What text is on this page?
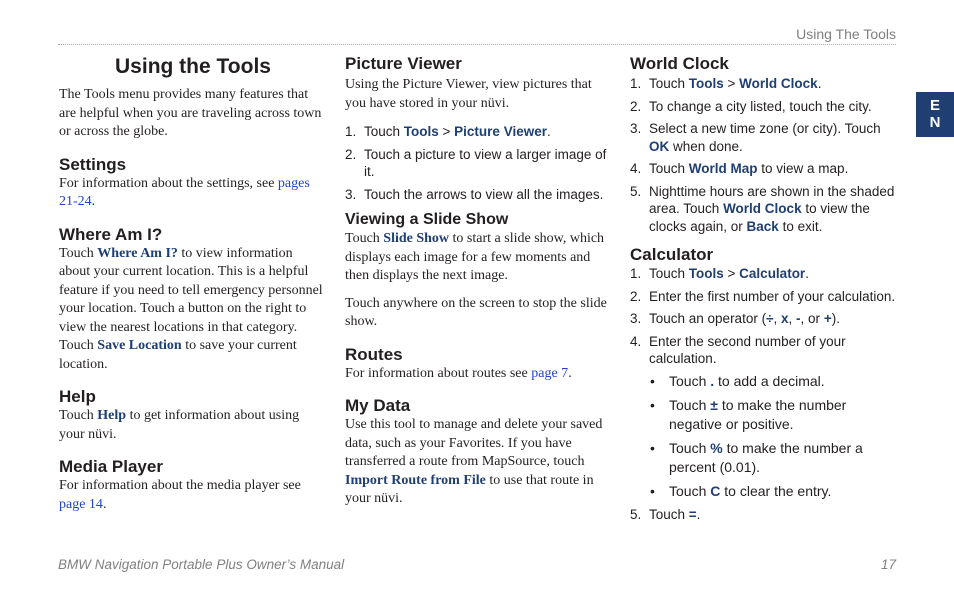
Using The Tools
E
N
Using the Tools

The Tools menu provides many features that are helpful when you are traveling across town or across the globe.

Settings

For information about the settings, see pages 21-24.

Where Am I?

Touch Where Am I? to view information about your current location. This is a helpful feature if you need to tell emergency personnel your location. Touch a button on the right to view the nearest locations in that category. Touch Save Location to save your current location.

Help

Touch Help to get information about using your nüvi.

Media Player

For information about the media player see page 14.

Picture Viewer

Using the Picture Viewer, view pictures that you have stored in your nüvi.

1. Touch Tools > Picture Viewer.
2. Touch a picture to view a larger image of it.
3. Touch the arrows to view all the images.
Viewing a Slide Show

Touch Slide Show to start a slide show, which displays each image for a few moments and then displays the next image.

Touch anywhere on the screen to stop the slide show.

Routes

For information about routes see page 7.

My Data

Use this tool to manage and delete your saved data, such as your Favorites. If you have transferred a route from MapSource, touch Import Route from File to use that route in your nüvi.

World Clock
1. Touch Tools > World Clock.
2. To change a city listed, touch the city.
3. Select a new time zone (or city). Touch OK when done.
4. Touch World Map to view a map.
5. Nighttime hours are shown in the shaded area. Touch World Clock to view the clocks again, or Back to exit.
Calculator
1. Touch Tools > Calculator.
2. Enter the first number of your calculation.
3. Touch an operator (÷, x, -, or +).
4. Enter the second number of your calculation.
• Touch . to add a decimal.
• Touch ± to make the number negative or positive.
• Touch % to make the number a percent (0.01).
• Touch C to clear the entry.
5. Touch =.
BMW Navigation Portable Plus Owner’s Manual	17
